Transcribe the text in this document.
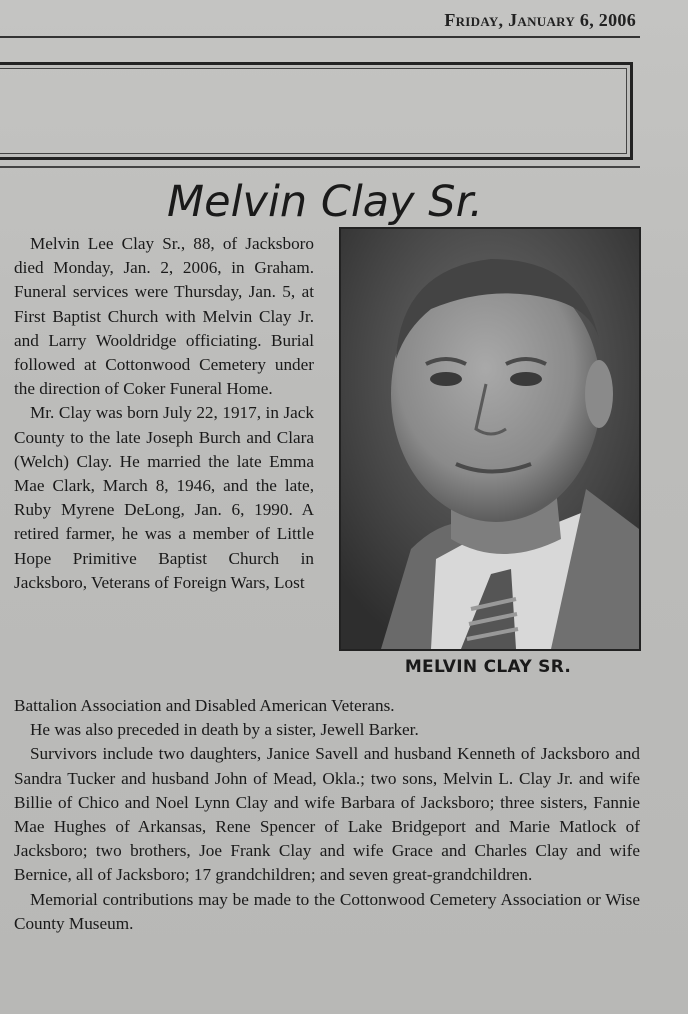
Friday, January 6, 2006
Melvin Clay Sr.

Melvin Lee Clay Sr., 88, of Jacksboro died Monday, Jan. 2, 2006, in Graham. Funeral services were Thursday, Jan. 5, at First Baptist Church with Melvin Clay Jr. and Larry Wooldridge officiating. Burial followed at Cottonwood Cemetery under the direction of Coker Funeral Home.

Mr. Clay was born July 22, 1917, in Jack County to the late Joseph Burch and Clara (Welch) Clay. He married the late Emma Mae Clark, March 8, 1946, and the late, Ruby Myrene DeLong, Jan. 6, 1990. A retired farmer, he was a member of Little Hope Primitive Baptist Church in Jacksboro, Veterans of Foreign Wars, Lost

MELVIN CLAY SR.

Battalion Association and Disabled American Veterans.

He was also preceded in death by a sister, Jewell Barker.

Survivors include two daughters, Janice Savell and husband Kenneth of Jacksboro and Sandra Tucker and husband John of Mead, Okla.; two sons, Melvin L. Clay Jr. and wife Billie of Chico and Noel Lynn Clay and wife Barbara of Jacksboro; three sisters, Fannie Mae Hughes of Arkansas, Rene Spencer of Lake Bridgeport and Marie Matlock of Jacksboro; two brothers, Joe Frank Clay and wife Grace and Charles Clay and wife Bernice, all of Jacksboro; 17 grandchildren; and seven great-grandchildren.

Memorial contributions may be made to the Cottonwood Cemetery Association or Wise County Museum.
